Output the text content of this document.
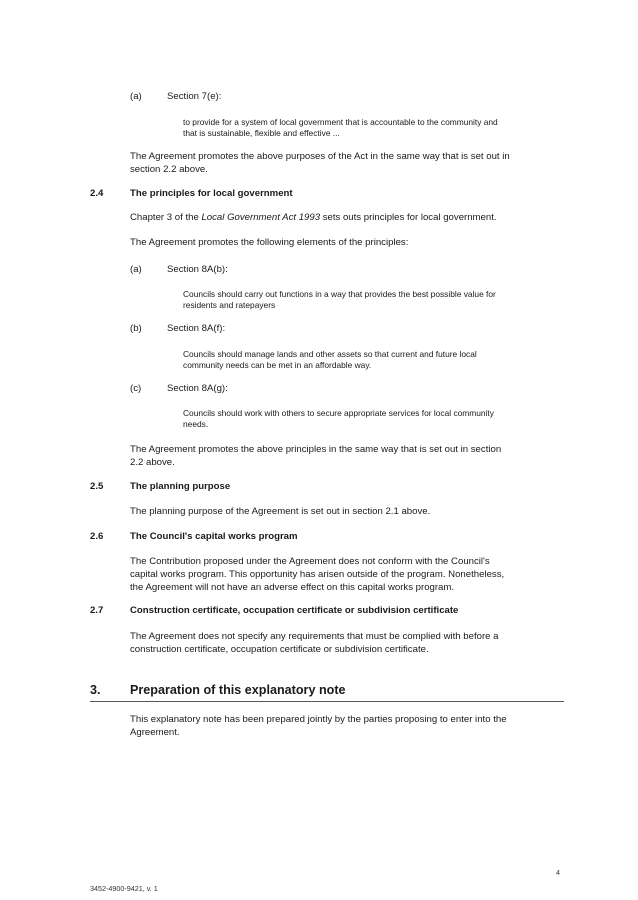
(a)	Section 7(e):

to provide for a system of local government that is accountable to the community and

that is sustainable, flexible and effective ...

The Agreement promotes the above purposes of the Act in the same way that is set out in

section 2.2 above.

2.4	The principles for local government

Chapter 3 of the Local Government Act 1993 sets outs principles for local government.

The Agreement promotes the following elements of the principles:

(a)	Section 8A(b):

Councils should carry out functions in a way that provides the best possible value for

residents and ratepayers

(b)	Section 8A(f):

Councils should manage lands and other assets so that current and future local

community needs can be met in an affordable way.

(c)	Section 8A(g):

Councils should work with others to secure appropriate services for local community

needs.

The Agreement promotes the above principles in the same way that is set out in section

2.2 above.

2.5	The planning purpose

The planning purpose of the Agreement is set out in section 2.1 above.

2.6	The Council's capital works program

The Contribution proposed under the Agreement does not conform with the Council's

capital works program. This opportunity has arisen outside of the program. Nonetheless,

the Agreement will not have an adverse effect on this capital works program.

2.7	Construction certificate, occupation certificate or subdivision certificate

The Agreement does not specify any requirements that must be complied with before a

construction certificate, occupation certificate or subdivision certificate.

3. Preparation of this explanatory note

This explanatory note has been prepared jointly by the parties proposing to enter into the

Agreement.

4

3452-4900-9421, v. 1
